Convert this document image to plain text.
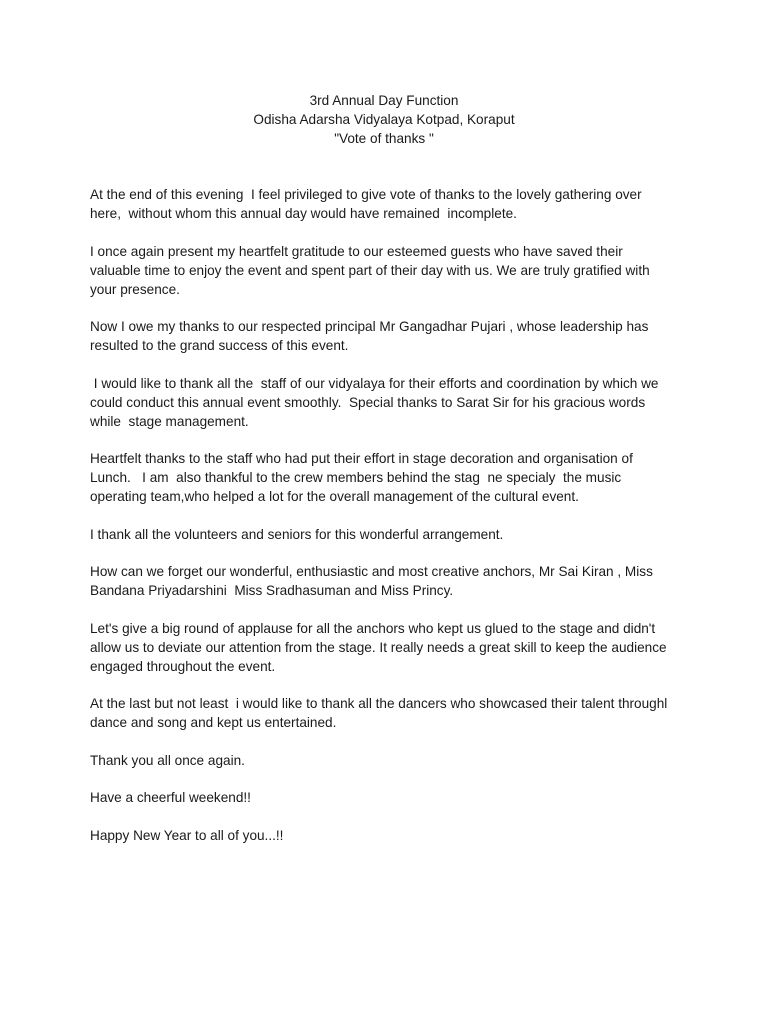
3rd Annual Day Function
Odisha Adarsha Vidyalaya Kotpad, Koraput
"Vote of thanks "

At the end of this evening  I feel privileged to give vote of thanks to the lovely gathering over
here,  without whom this annual day would have remained  incomplete.

I once again present my heartfelt gratitude to our esteemed guests who have saved their
valuable time to enjoy the event and spent part of their day with us. We are truly gratified with
your presence.

Now I owe my thanks to our respected principal Mr Gangadhar Pujari , whose leadership has
resulted to the grand success of this event.

I would like to thank all the  staff of our vidyalaya for their efforts and coordination by which we
could conduct this annual event smoothly.  Special thanks to Sarat Sir for his gracious words
while  stage management.

Heartfelt thanks to the staff who had put their effort in stage decoration and organisation of
Lunch.   I am  also thankful to the crew members behind the stag  ne specialy  the music
operating team,who helped a lot for the overall management of the cultural event.

I thank all the volunteers and seniors for this wonderful arrangement.

How can we forget our wonderful, enthusiastic and most creative anchors, Mr Sai Kiran , Miss
Bandana Priyadarshini  Miss Sradhasuman and Miss Princy.

Let's give a big round of applause for all the anchors who kept us glued to the stage and didn't
allow us to deviate our attention from the stage. It really needs a great skill to keep the audience
engaged throughout the event.

At the last but not least  i would like to thank all the dancers who showcased their talent throughl
dance and song and kept us entertained.

Thank you all once again.

Have a cheerful weekend!!

Happy New Year to all of you...!!
